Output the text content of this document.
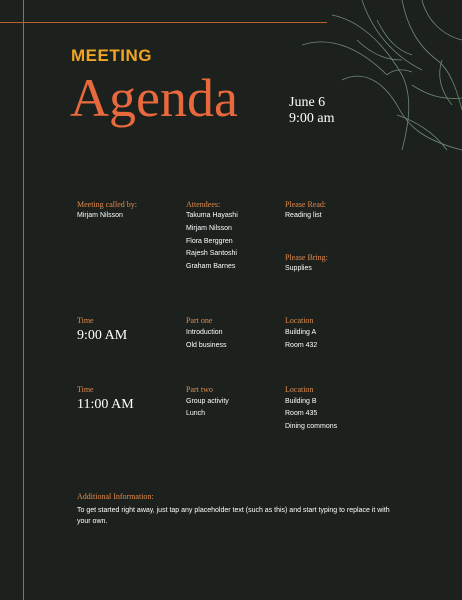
MEETING
Agenda	June 6
9:00 am
Meeting called by:
Mirjam Nilsson
Attendees:
Takuma Hayashi
Mirjam Nilsson
Flora Berggren
Rajesh Santoshi
Graham Barnes
Please Read:
Reading list
Please Bring:
Supplies
Time
9:00 AM
Part one
Introduction
Old business
Location
Building A
Room 432
Time
11:00 AM
Part two
Group activity
Lunch
Location
Building B
Room 435
Dining commons
Additional Information:
To get started right away, just tap any placeholder text (such as this) and start typing to replace it with your own.
